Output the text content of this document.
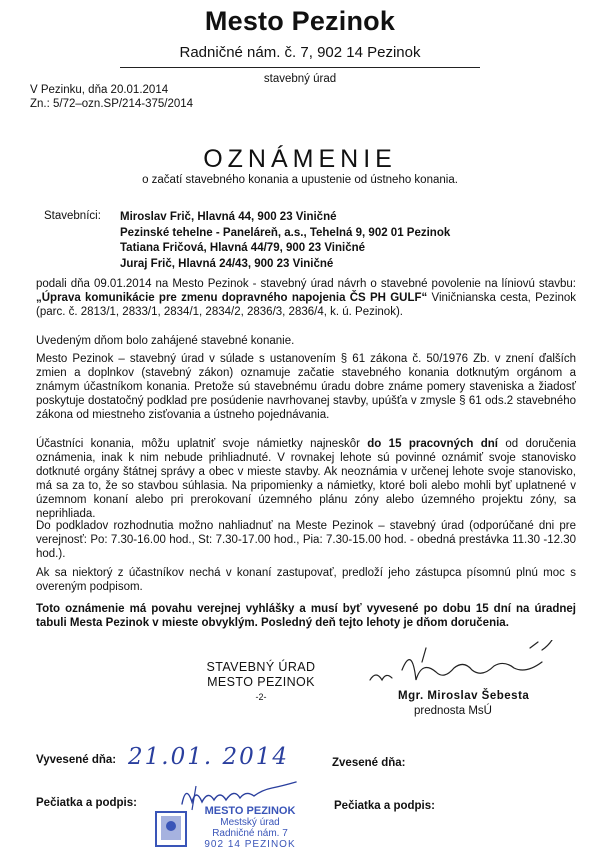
Mesto Pezinok
Radničné nám. č. 7, 902 14 Pezinok
stavebný úrad
V Pezinku, dňa 20.01.2014
Zn.: 5/72–ozn.SP/214-375/2014
OZNÁMENIE
o začatí stavebného konania a upustenie od ústneho konania.
Stavebníci: Miroslav Frič, Hlavná 44, 900 23 Viničné
Pezinské tehelne - Paneláreň, a.s., Tehelná 9, 902 01 Pezinok
Tatiana Fričová, Hlavná 44/79, 900 23 Viničné
Juraj Frič, Hlavná 24/43, 900 23 Viničné

podali dňa 09.01.2014 na Mesto Pezinok - stavebný úrad návrh o stavebné povolenie na líniovú stavbu: „Úprava komunikácie pre zmenu dopravného napojenia ČS PH GULF“ Viničnianska cesta, Pezinok (parc. č. 2813/1, 2833/1, 2834/1, 2834/2, 2836/3, 2836/4, k. ú. Pezinok).

Uvedeným dňom bolo zahájené stavebné konanie.
Mesto Pezinok – stavebný úrad v súlade s ustanovením § 61 zákona č. 50/1976 Zb. v znení ďalších zmien a doplnkov (stavebný zákon) oznamuje začatie stavebného konania dotknutým orgánom a známym účastníkom konania. Pretože sú stavebnému úradu dobre známe pomery staveniska a žiadosť poskytuje dostatočný podklad pre posúdenie navrhovanej stavby, upúšťa v zmysle § 61 ods.2 stavebného zákona od miestneho zisťovania a ústneho pojednávania.

Účastníci konania, môžu uplatniť svoje námietky najneskôr do 15 pracovných dní od doručenia oznámenia, inak k nim nebude prihliadnuté. V rovnakej lehote sú povinné oznámiť svoje stanovisko dotknuté orgány štátnej správy a obec v mieste stavby. Ak neoznámia v určenej lehote svoje stanovisko, má sa za to, že so stavbou súhlasia. Na pripomienky a námietky, ktoré boli alebo mohli byť uplatnené v územnom konaní alebo pri prerokovaní územného plánu zóny alebo územného projektu zóny, sa neprihliada.

Do podkladov rozhodnutia možno nahliadnuť na Meste Pezinok – stavebný úrad (odporúčané dni pre verejnosť: Po: 7.30-16.00 hod., St: 7.30-17.00 hod., Pia: 7.30-15.00 hod. - obedná prestávka 11.30 -12.30 hod.).
Ak sa niektorý z účastníkov nechá v konaní zastupovať, predloží jeho zástupca písomnú plnú moc s overeným podpisom.
Toto oznámenie má povahu verejnej vyhlášky a musí byť vyvesené po dobu 15 dní na úradnej tabuli Mesta Pezinok v mieste obvyklým. Posledný deň tejto lehoty je dňom doručenia.
STAVEBNÝ ÚRAD
MESTO PEZINOK
-2-	Mgr. Miroslav Šebesta
prednosta MsÚ
Vyvesené dňa: 21.01. 2014	Zvesené dňa:
Pečiatka a podpis:	Pečiatka a podpis:
MESTO PEZINOK
Mestský úrad
Radničné nám. 7
902 14 PEZINOK
